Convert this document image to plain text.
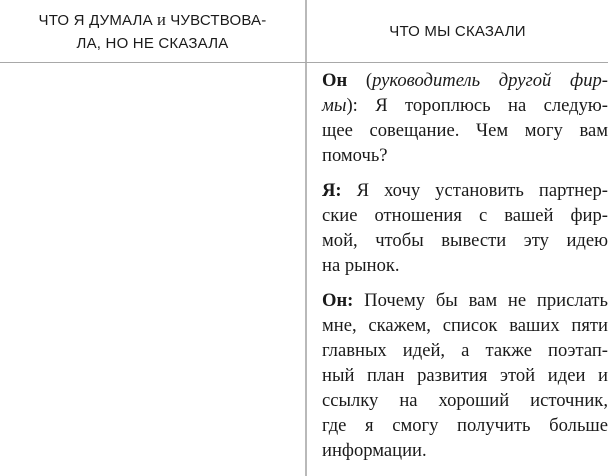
ЧТО Я ДУМАЛА и ЧУВСТВОВА-
ЛА, НО НЕ СКАЗАЛА
ЧТО МЫ СКАЗАЛИ

Он (руководитель другой фир-
мы): Я тороплюсь на следую-
щее совещание. Чем могу вам
помочь?

Я: Я хочу установить партнер-
ские отношения с вашей фир-
мой, чтобы вывести эту идею
на рынок.

Он: Почему бы вам не прислать
мне, скажем, список ваших пяти
главных идей, а также поэтап-
ный план развития этой идеи и
ссылку на хороший источник,
где я смогу получить больше
информации.
